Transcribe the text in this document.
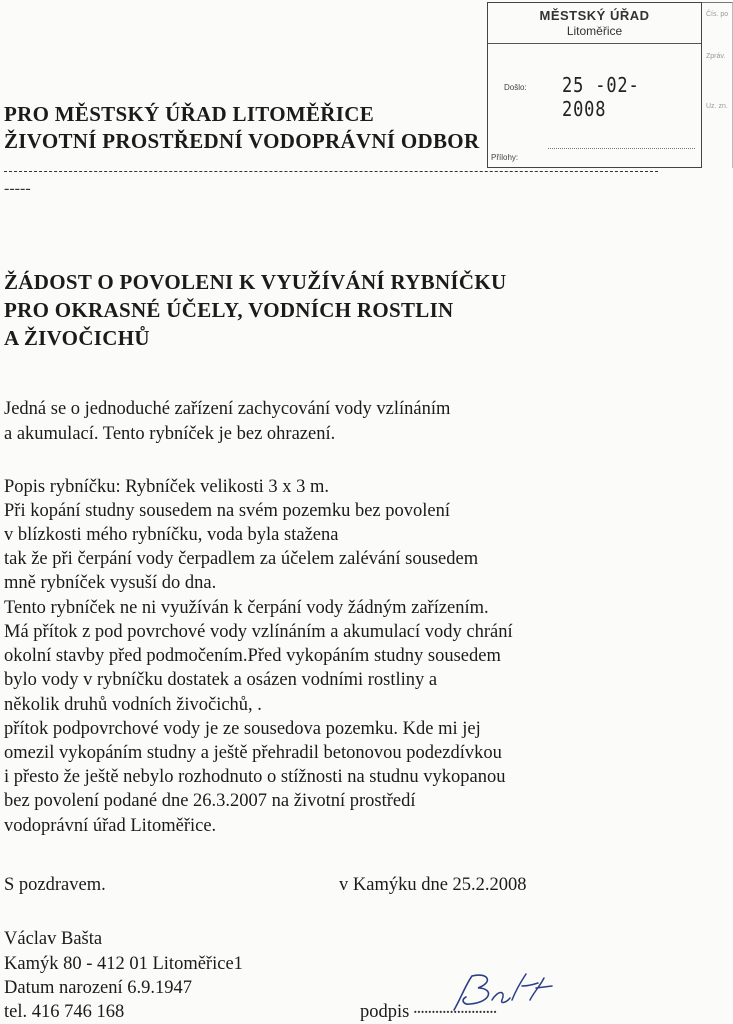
MĚSTSKÝ ÚŘAD
Litoměřice
Došlo: 25 -02- 2008
Přílohy:
Čís. po
Zpráv.
Uz. zn.
PRO MĚSTSKÝ ÚŘAD LITOMĚŘICE
ŽIVOTNÍ PROSTŘEDNÍ VODOPRÁVNÍ ODBOR
-----
ŽÁDOST O POVOLENI K VYUŽÍVÁNÍ RYBNÍČKU
PRO OKRASNÉ ÚČELY, VODNÍCH ROSTLIN
A ŽIVOČICHŮ
Jedná se o jednoduché zařízení zachycování vody vzlínáním
a akumulací. Tento rybníček je bez ohrazení.
Popis rybníčku: Rybníček velikosti 3 x 3 m.
Při kopání studny sousedem na svém pozemku bez povolení
v blízkosti mého rybníčku, voda byla stažena
tak že při čerpání vody čerpadlem za účelem zalévání sousedem
mně rybníček vysuší do dna.
Tento rybníček ne ni využíván k čerpání vody žádným zařízením.
Má přítok z pod povrchové vody vzlínáním a akumulací vody chrání
okolní stavby před podmočením.Před vykopáním studny sousedem
bylo vody v rybníčku dostatek a osázen vodními rostliny a
několik druhů vodních živočichů, .
přítok podpovrchové vody je ze sousedova pozemku. Kde mi jej
omezil vykopáním studny a ještě přehradil betonovou podezdívkou
i přesto že ještě nebylo rozhodnuto o stížnosti na studnu vykopanou
bez povolení podané dne 26.3.2007 na životní prostředí
vodoprávní úřad Litoměřice.
S pozdravem.	v Kamýku dne 25.2.2008
Václav Bašta
Kamýk 80 - 412 01 Litoměřice1
Datum narození 6.9.1947
tel. 416 746 168	podpis .......................
